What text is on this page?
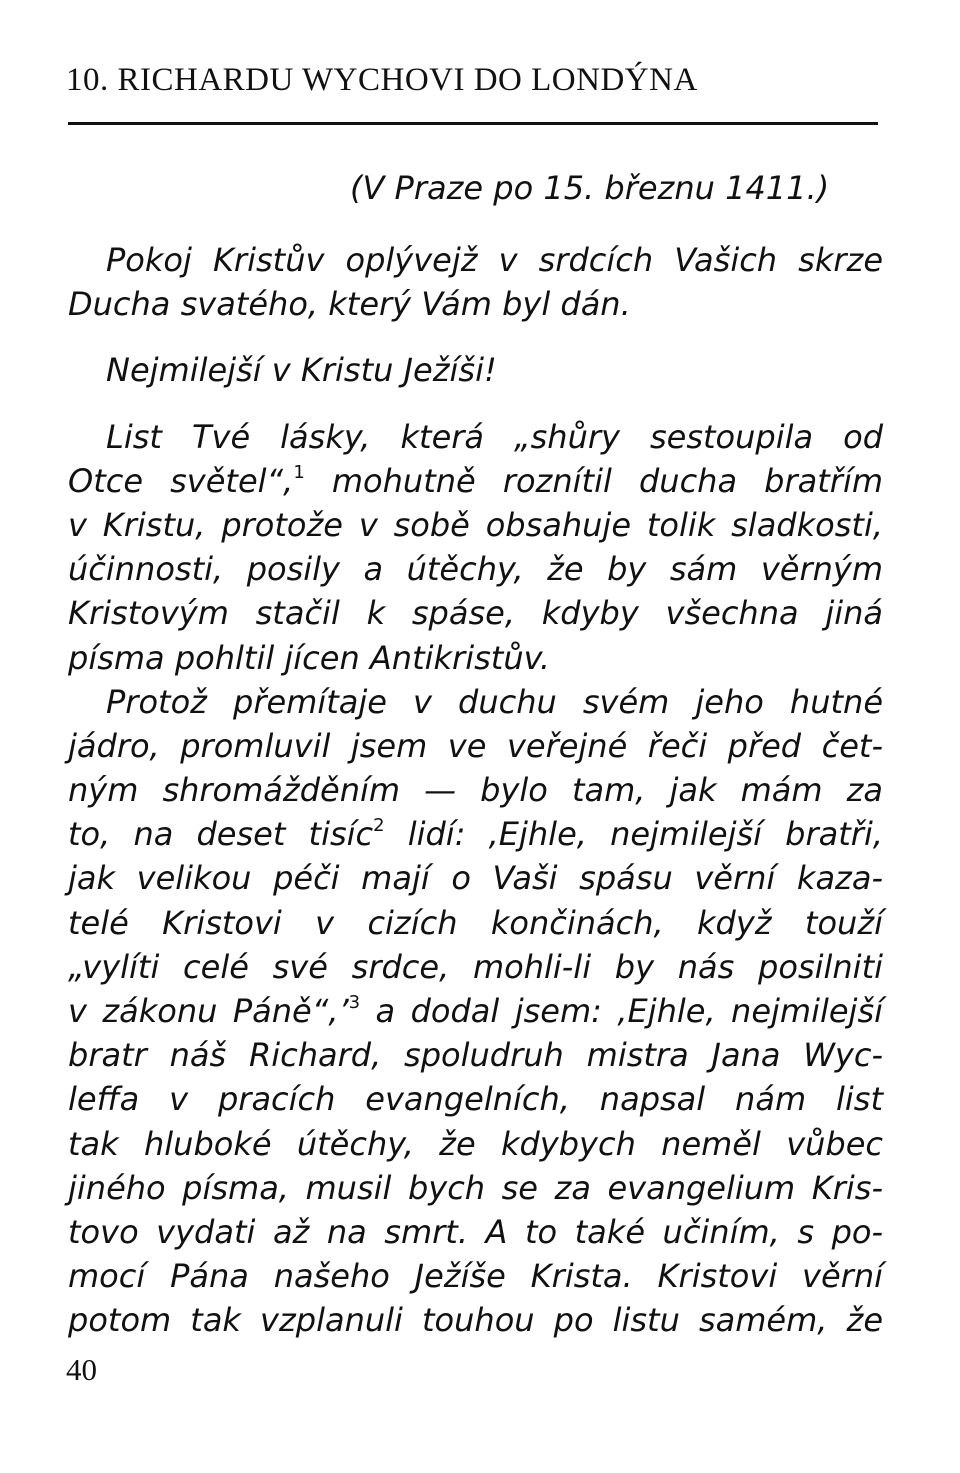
10. RICHARDU WYCHOVI DO LONDÝNA
(V Praze po 15. březnu 1411.)
Pokoj Kristův oplývejž v srdcích Vašich skrze
Ducha svatého, který Vám byl dán.
Nejmilejší v Kristu Ježíši!
List Tvé lásky, která „shůry sestoupila od
Otce světel“,$^1$ mohutně roznítil ducha bratřím
v Kristu, protože v sobě obsahuje tolik sladkosti,
účinnosti, posily a útěchy, že by sám věrným
Kristovým stačil k spáse, kdyby všechna jiná
písma pohltil jícen Antikristův.
Protož přemítaje v duchu svém jeho hutné
jádro, promluvil jsem ve veřejné řeči před čet-
ným shromážděním — bylo tam, jak mám za
to, na deset tisíc$^2$ lidí: ‚Ejhle, nejmilejší bratři,
jak velikou péči mají o Vaši spásu věrní kaza-
telé Kristovi v cizích končinách, když touží
„vylíti celé své srdce, mohli-li by nás posilniti
v zákonu Páně“,’$^3$ a dodal jsem: ‚Ejhle, nejmilejší
bratr náš Richard, spoludruh mistra Jana Wyc-
leffa v pracích evangelních, napsal nám list
tak hluboké útěchy, že kdybych neměl vůbec
jiného písma, musil bych se za evangelium Kris-
tovo vydati až na smrt. A to také učiním, s po-
mocí Pána našeho Ježíše Krista. Kristovi věrní
potom tak vzplanuli touhou po listu samém, že
40
